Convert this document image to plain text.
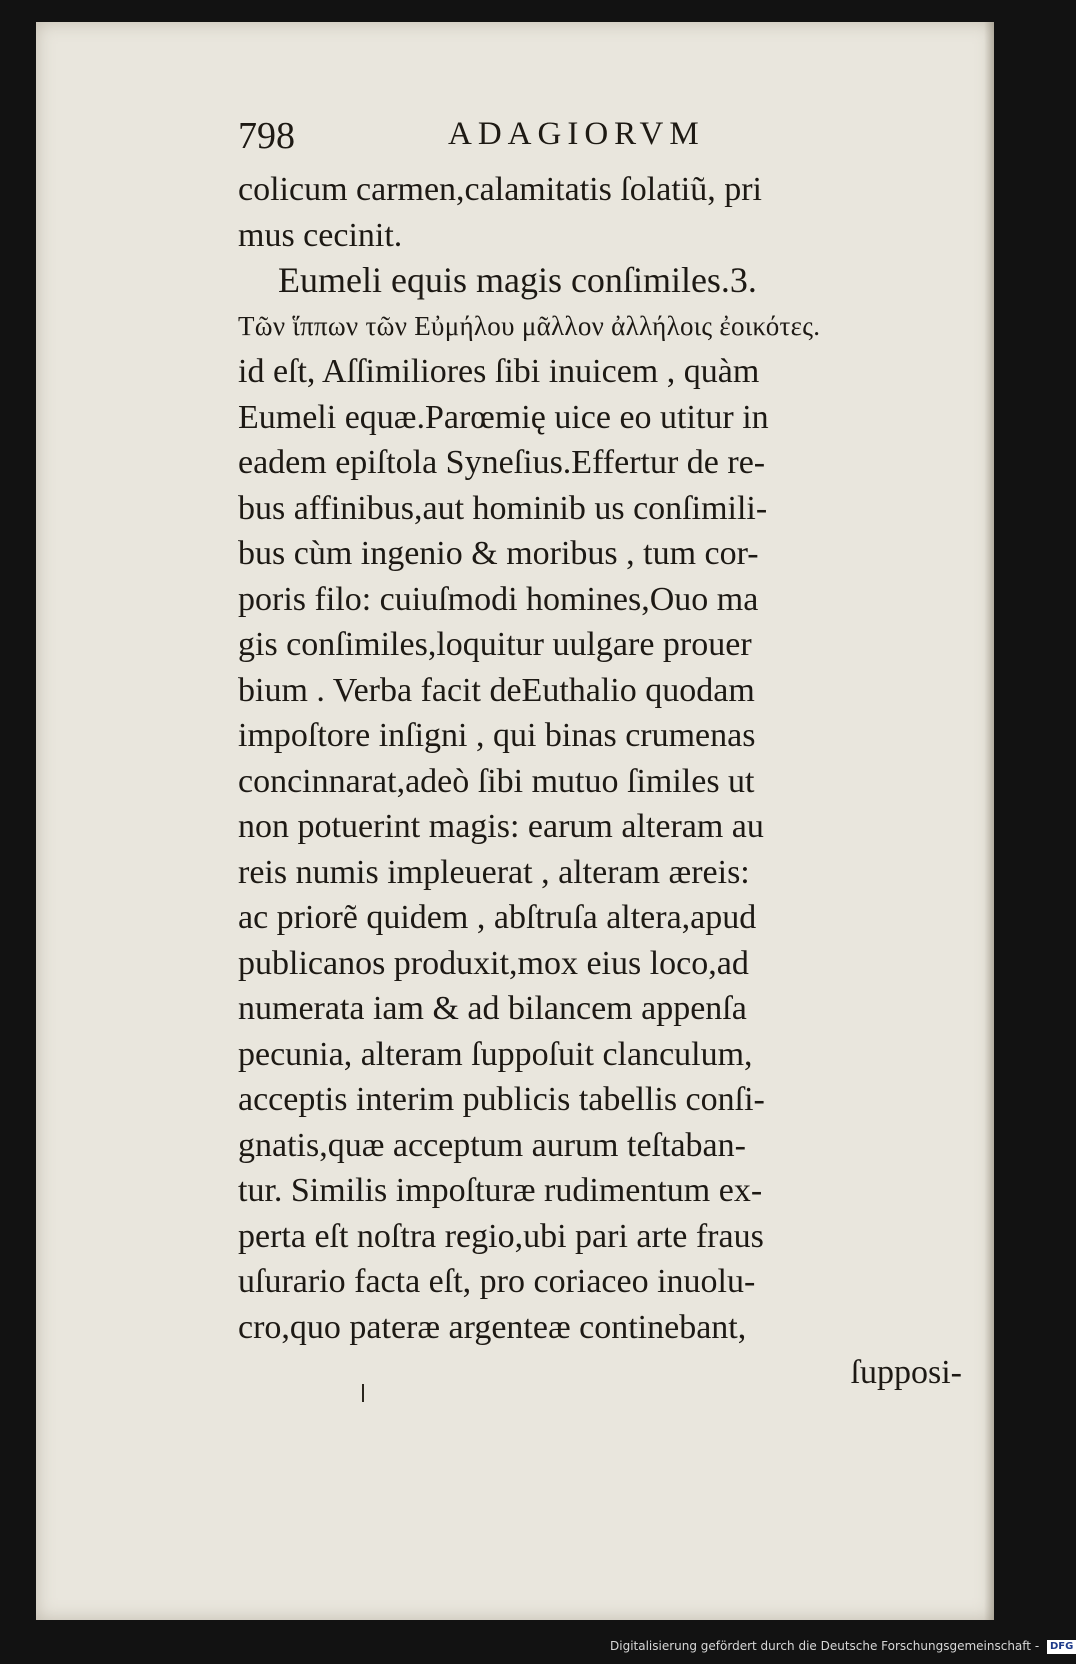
798	ADAGIORVM
colicum carmen,calamitatis ſolatiũ, pri
mus cecinit.
Eumeli equis magis conſimiles.3.
Τῶν ἵππων τῶν Εὐμήλου μᾶλλον ἀλλήλοις ἐοικότες.
id eſt, Aſſimiliores ſibi inuicem , quàm
Eumeli equæ.Parœmię uice eo utitur in
eadem epiſtola Syneſius.Effertur de re-
bus affinibus,aut hominib us conſimili-
bus cùm ingenio & moribus , tum cor-
poris filo: cuiuſmodi homines,Ouo ma
gis conſimiles,loquitur uulgare prouer
bium . Verba facit deEuthalio quodam
impoſtore inſigni , qui binas crumenas
concinnarat,adeò ſibi mutuo ſimiles ut
non potuerint magis: earum alteram au
reis numis impleuerat , alteram æreis:
ac priorẽ quidem , abſtruſa altera,apud
publicanos produxit,mox eius loco,ad
numerata iam & ad bilancem appenſa
pecunia, alteram ſuppoſuit clanculum,
acceptis interim publicis tabellis conſi-
gnatis,quæ acceptum aurum teſtaban-
tur. Similis impoſturæ rudimentum ex-
perta eſt noſtra regio,ubi pari arte fraus
uſurario facta eſt, pro coriaceo inuolu-
cro,quo pateræ argenteæ continebant,
ſupposi-
Digitalisierung gefördert durch die Deutsche Forschungsgemeinschaft - DFG
